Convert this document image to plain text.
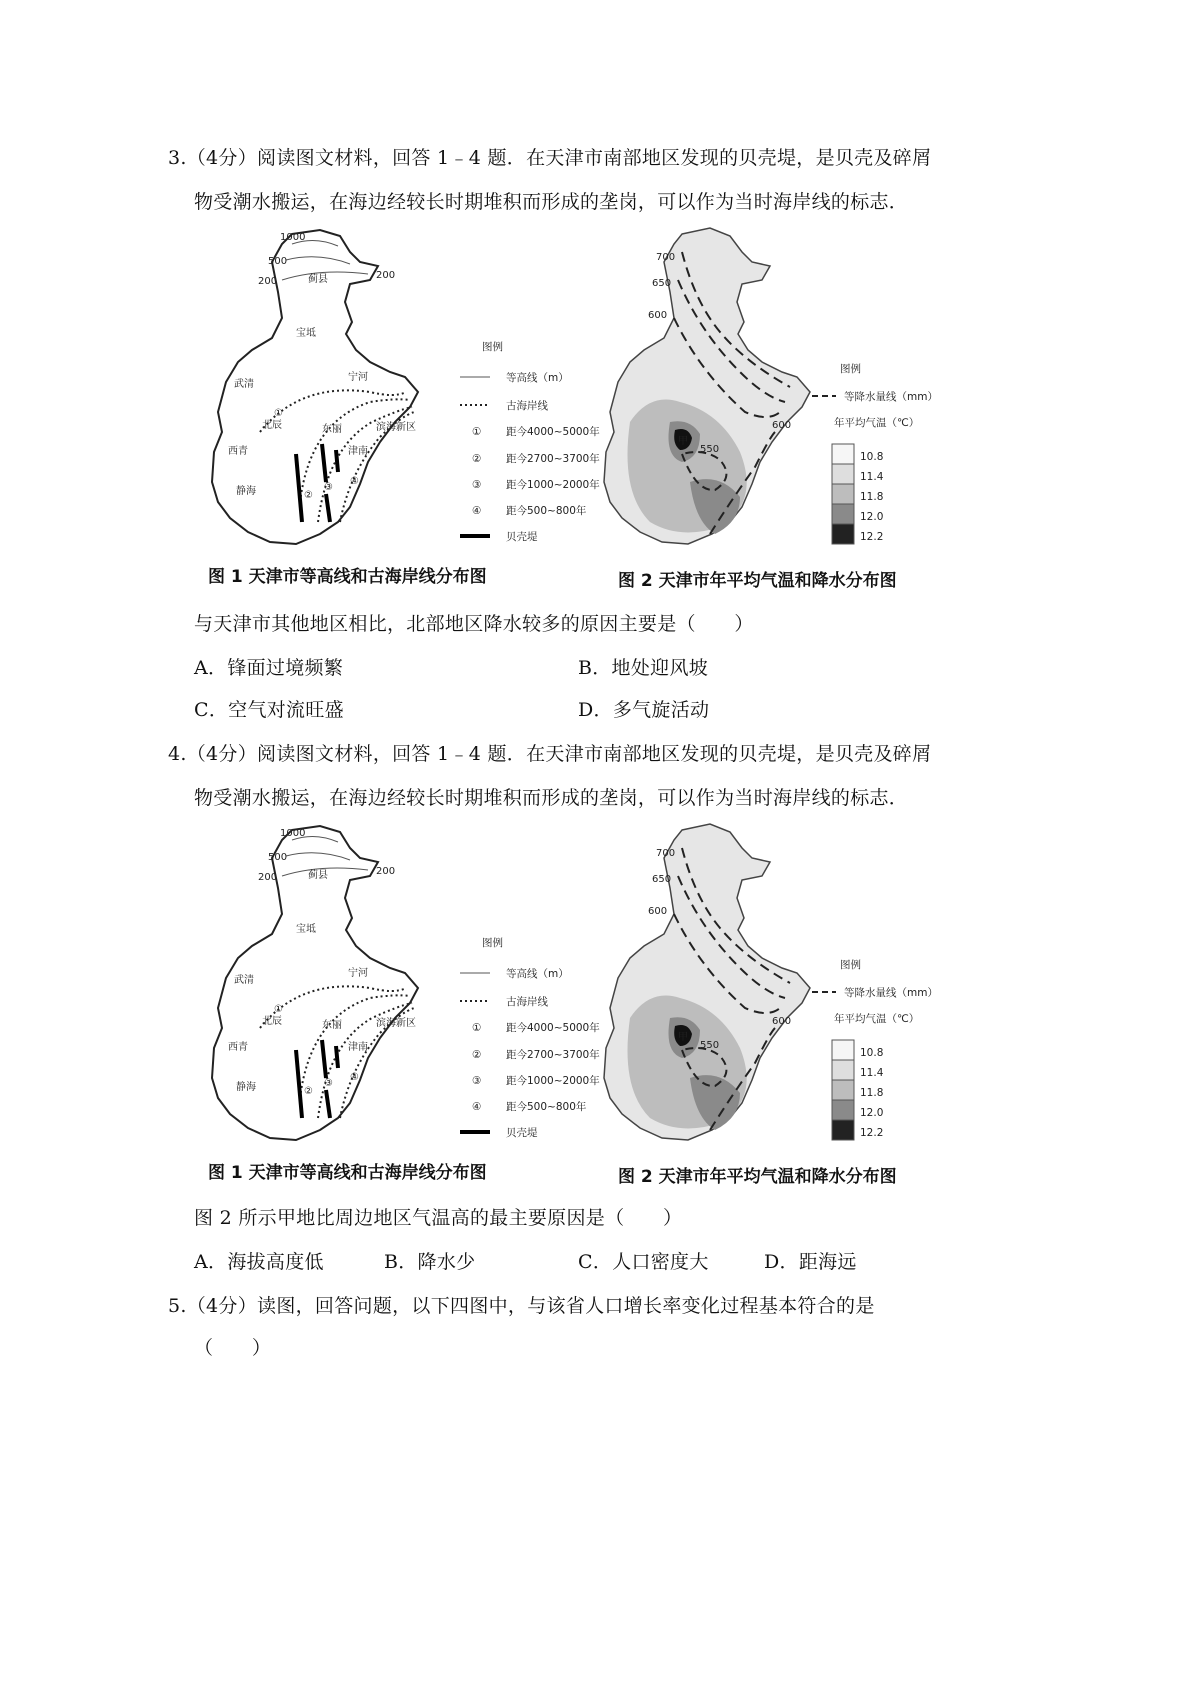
3.（4分）阅读图文材料，回答 1﹣4 题．在天津市南部地区发现的贝壳堤，是贝壳及碎屑
物受潮水搬运，在海边经较长时期堆积而形成的垄岗，可以作为当时海岸线的标志．
蓟县
宝坻
武清
宁河
北辰	东丽
津南
西青
静海
滨海新区
1000
500
200
200
①
②
③
④
图例
等高线（m）
古海岸线
① 距今4000~5000年
② 距今2700~3700年
③ 距今1000~2000年
④ 距今500~800年
贝壳堤
甲
700
650
600
600
550
图例
等降水量线（mm）
年平均气温（℃）
10.8
11.4
11.8
12.0
12.2
图 1 天津市等高线和古海岸线分布图	图 2 天津市年平均气温和降水分布图
与天津市其他地区相比，北部地区降水较多的原因主要是（　　）
A．锋面过境频繁	B．地处迎风坡
C．空气对流旺盛	D．多气旋活动
4.（4分）阅读图文材料，回答 1﹣4 题．在天津市南部地区发现的贝壳堤，是贝壳及碎屑
物受潮水搬运，在海边经较长时期堆积而形成的垄岗，可以作为当时海岸线的标志．
蓟县
宝坻
武清
宁河
北辰	东丽
津南
西青
静海
滨海新区
1000
500
200
200
①
②
③
④
图例
等高线（m）
古海岸线
① 距今4000~5000年
② 距今2700~3700年
③ 距今1000~2000年
④ 距今500~800年
贝壳堤
甲
700
650
600
600
550
图例
等降水量线（mm）
年平均气温（℃）
10.8
11.4
11.8
12.0
12.2
图 1 天津市等高线和古海岸线分布图	图 2 天津市年平均气温和降水分布图
图 2 所示甲地比周边地区气温高的最主要原因是（　　）
A．海拔高度低	B．降水少	C．人口密度大	D．距海远
5.（4分）读图，回答问题，以下四图中，与该省人口增长率变化过程基本符合的是
（　　）
